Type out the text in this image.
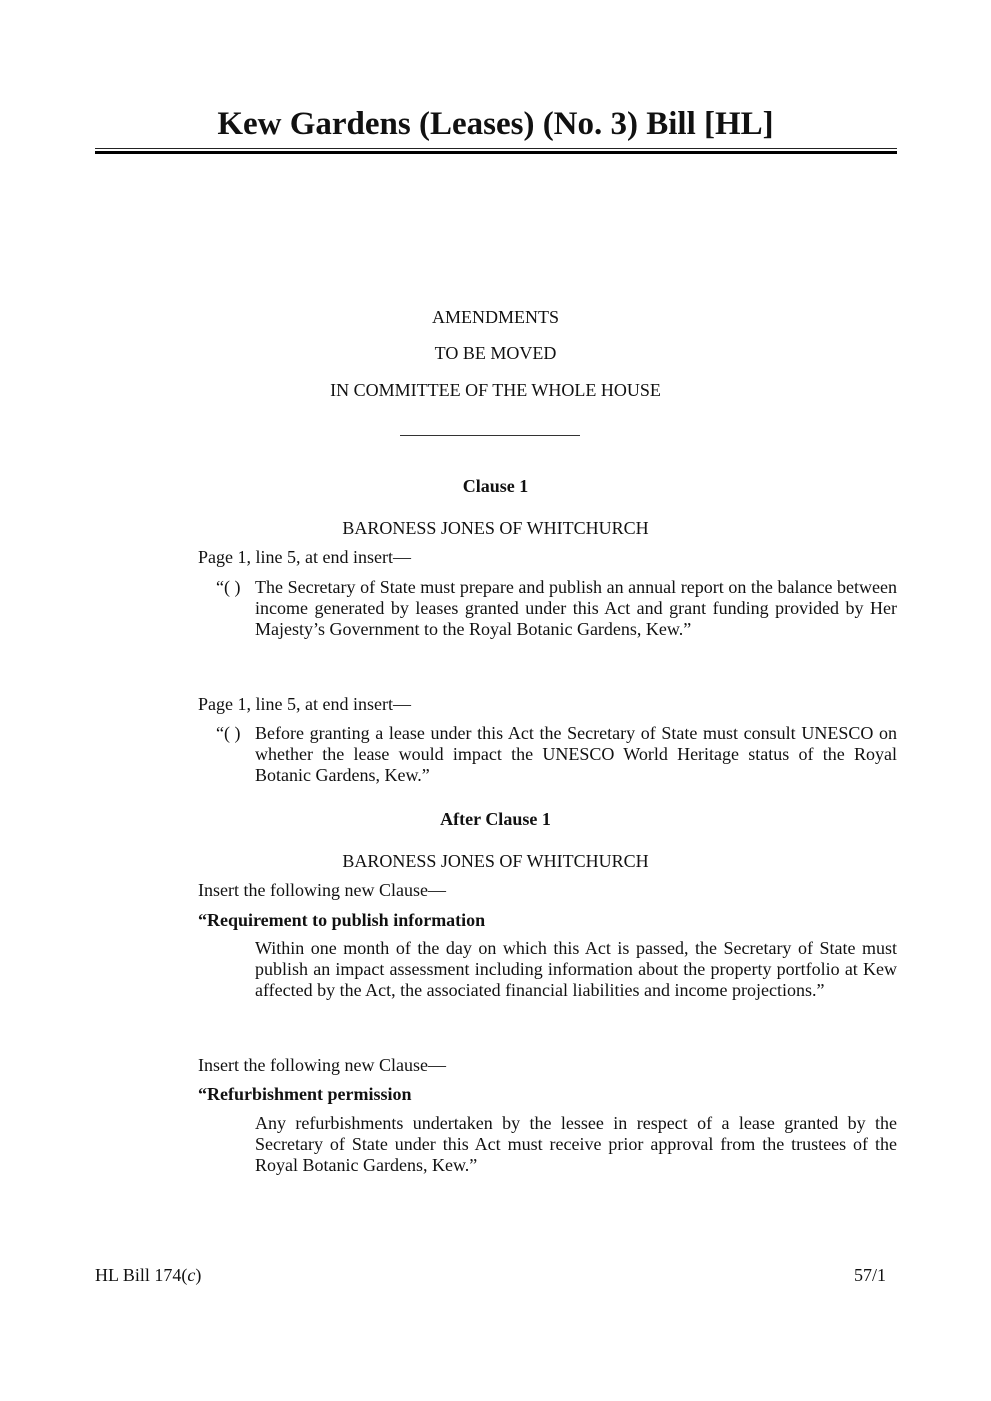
Kew Gardens (Leases) (No. 3) Bill [HL]
AMENDMENTS
TO BE MOVED
IN COMMITTEE OF THE WHOLE HOUSE
Clause 1
BARONESS JONES OF WHITCHURCH
Page 1, line 5, at end insert—
“( ) The Secretary of State must prepare and publish an annual report on the balance between income generated by leases granted under this Act and grant funding provided by Her Majesty’s Government to the Royal Botanic Gardens, Kew.”
Page 1, line 5, at end insert—
“( ) Before granting a lease under this Act the Secretary of State must consult UNESCO on whether the lease would impact the UNESCO World Heritage status of the Royal Botanic Gardens, Kew.”
After Clause 1
BARONESS JONES OF WHITCHURCH
Insert the following new Clause—
“Requirement to publish information
Within one month of the day on which this Act is passed, the Secretary of State must publish an impact assessment including information about the property portfolio at Kew affected by the Act, the associated financial liabilities and income projections.”
Insert the following new Clause—
“Refurbishment permission
Any refurbishments undertaken by the lessee in respect of a lease granted by the Secretary of State under this Act must receive prior approval from the trustees of the Royal Botanic Gardens, Kew.”
HL Bill 174(c)	57/1
